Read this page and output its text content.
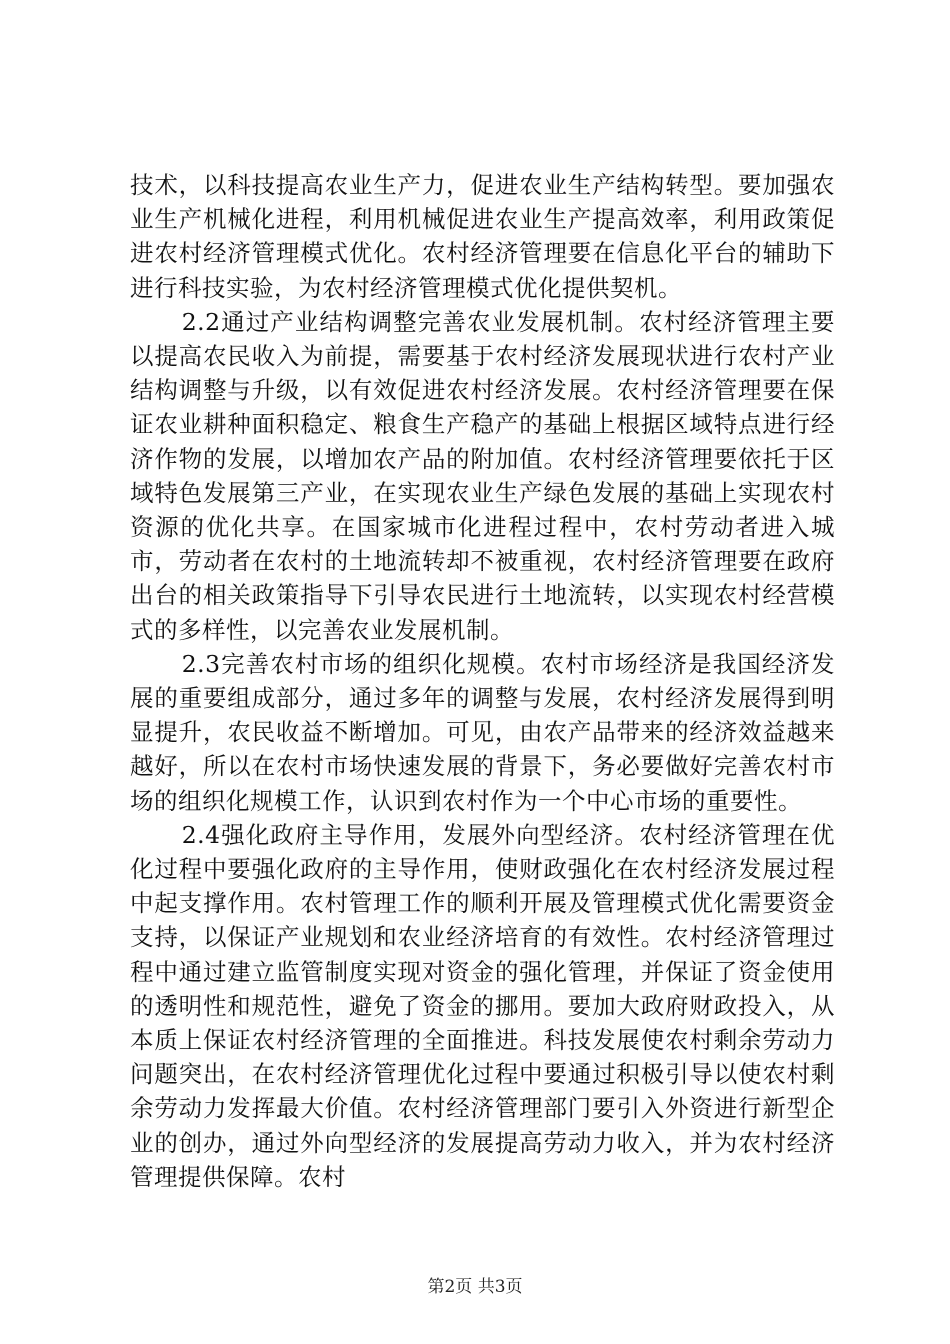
技术，以科技提高农业生产力，促进农业生产结构转型。要加强农业生产机械化进程，利用机械促进农业生产提高效率，利用政策促进农村经济管理模式优化。农村经济管理要在信息化平台的辅助下进行科技实验，为农村经济管理模式优化提供契机。

2.2通过产业结构调整完善农业发展机制。农村经济管理主要以提高农民收入为前提，需要基于农村经济发展现状进行农村产业结构调整与升级，以有效促进农村经济发展。农村经济管理要在保证农业耕种面积稳定、粮食生产稳产的基础上根据区域特点进行经济作物的发展，以增加农产品的附加值。农村经济管理要依托于区域特色发展第三产业，在实现农业生产绿色发展的基础上实现农村资源的优化共享。在国家城市化进程过程中，农村劳动者进入城市，劳动者在农村的土地流转却不被重视，农村经济管理要在政府出台的相关政策指导下引导农民进行土地流转，以实现农村经营模式的多样性，以完善农业发展机制。

2.3完善农村市场的组织化规模。农村市场经济是我国经济发展的重要组成部分，通过多年的调整与发展，农村经济发展得到明显提升，农民收益不断增加。可见，由农产品带来的经济效益越来越好，所以在农村市场快速发展的背景下，务必要做好完善农村市场的组织化规模工作，认识到农村作为一个中心市场的重要性。

2.4强化政府主导作用，发展外向型经济。农村经济管理在优化过程中要强化政府的主导作用，使财政强化在农村经济发展过程中起支撑作用。农村管理工作的顺利开展及管理模式优化需要资金支持，以保证产业规划和农业经济培育的有效性。农村经济管理过程中通过建立监管制度实现对资金的强化管理，并保证了资金使用的透明性和规范性，避免了资金的挪用。要加大政府财政投入，从本质上保证农村经济管理的全面推进。科技发展使农村剩余劳动力问题突出，在农村经济管理优化过程中要通过积极引导以使农村剩余劳动力发挥最大价值。农村经济管理部门要引入外资进行新型企业的创办，通过外向型经济的发展提高劳动力收入，并为农村经济管理提供保障。农村

第2页 共3页
